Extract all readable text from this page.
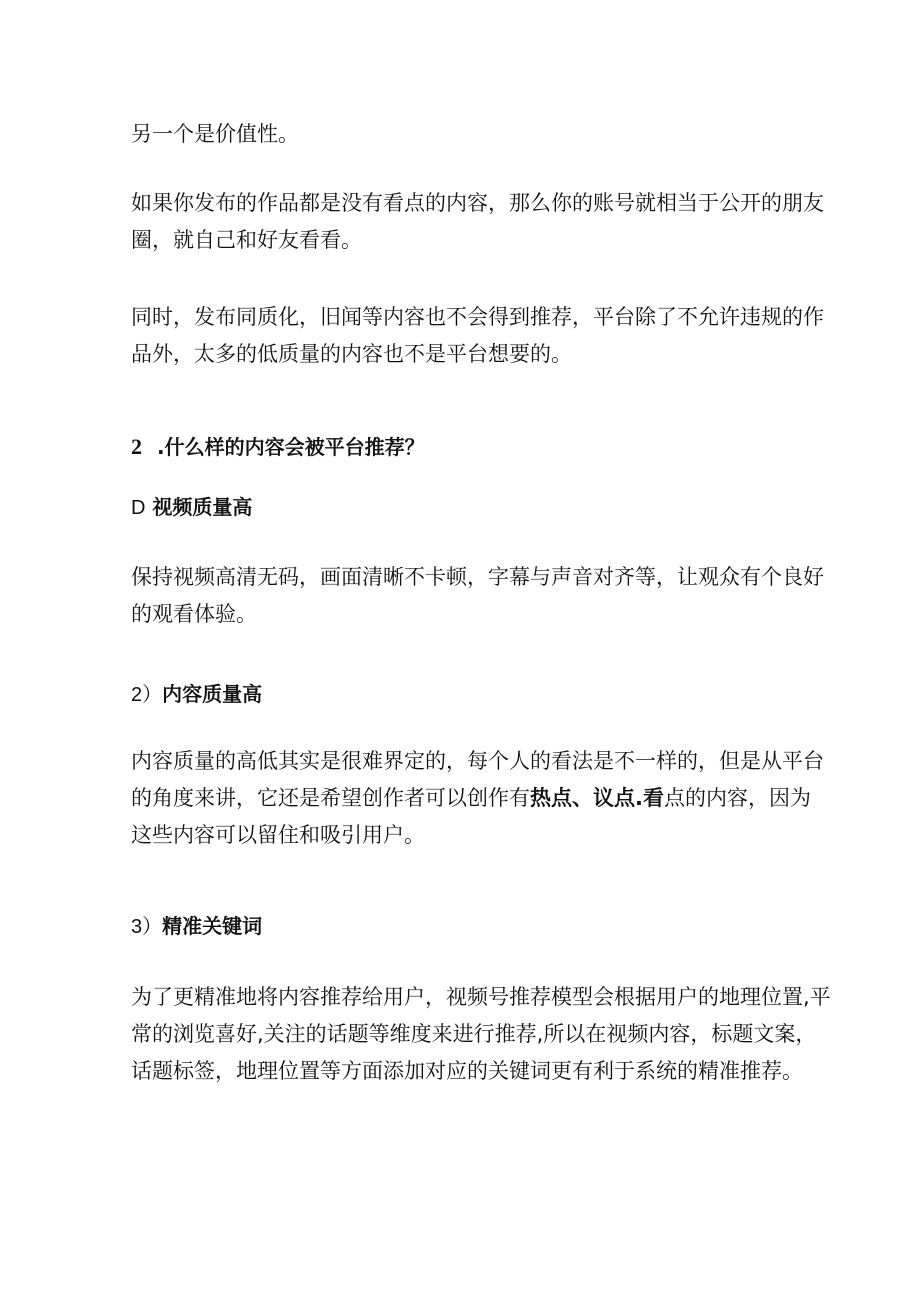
另一个是价值性。

如果你发布的作品都是没有看点的内容，那么你的账号就相当于公开的朋友
圈，就自己和好友看看。

同时，发布同质化，旧闻等内容也不会得到推荐，平台除了不允许违规的作
品外，太多的低质量的内容也不是平台想要的。

2 .什么样的内容会被平台推荐？
D 视频质量高

保持视频高清无码，画面清晰不卡顿，字幕与声音对齐等，让观众有个良好
的观看体验。

2）内容质量高

内容质量的高低其实是很难界定的，每个人的看法是不一样的，但是从平台
的角度来讲，它还是希望创作者可以创作有热点、议点.看点的内容，因为
这些内容可以留住和吸引用户。

3）精准关键词

为了更精准地将内容推荐给用户，视频号推荐模型会根据用户的地理位置,平
常的浏览喜好,关注的话题等维度来进行推荐,所以在视频内容，标题文案，
话题标签，地理位置等方面添加对应的关键词更有利于系统的精准推荐。
